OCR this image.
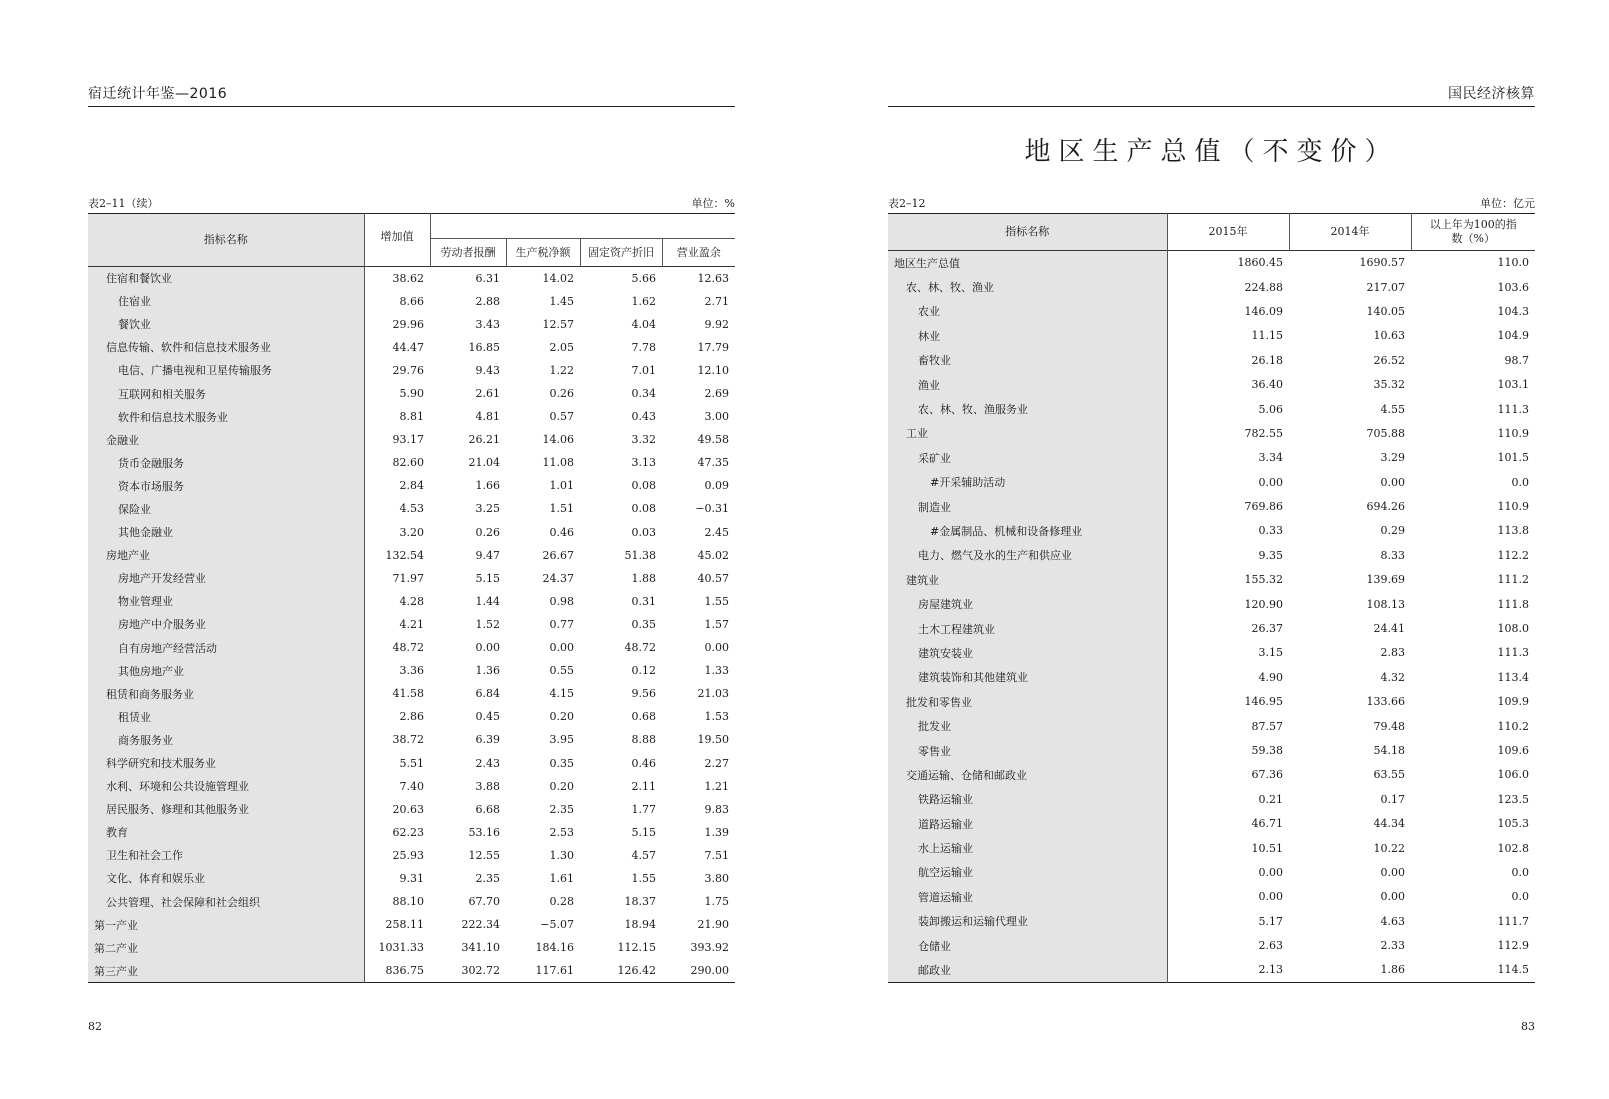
宿迁统计年鉴—2016
表2–11（续）	单位：%
指标名称	增加值				
		劳动者报酬	生产税净额	固定资产折旧	营业盈余
住宿和餐饮业	38.62	6.31	14.02	5.66	12.63
住宿业	8.66	2.88	1.45	1.62	2.71
餐饮业	29.96	3.43	12.57	4.04	9.92
信息传输、软件和信息技术服务业	44.47	16.85	2.05	7.78	17.79
电信、广播电视和卫星传输服务	29.76	9.43	1.22	7.01	12.10
互联网和相关服务	5.90	2.61	0.26	0.34	2.69
软件和信息技术服务业	8.81	4.81	0.57	0.43	3.00
金融业	93.17	26.21	14.06	3.32	49.58
货币金融服务	82.60	21.04	11.08	3.13	47.35
资本市场服务	2.84	1.66	1.01	0.08	0.09
保险业	4.53	3.25	1.51	0.08	−0.31
其他金融业	3.20	0.26	0.46	0.03	2.45
房地产业	132.54	9.47	26.67	51.38	45.02
房地产开发经营业	71.97	5.15	24.37	1.88	40.57
物业管理业	4.28	1.44	0.98	0.31	1.55
房地产中介服务业	4.21	1.52	0.77	0.35	1.57
自有房地产经营活动	48.72	0.00	0.00	48.72	0.00
其他房地产业	3.36	1.36	0.55	0.12	1.33
租赁和商务服务业	41.58	6.84	4.15	9.56	21.03
租赁业	2.86	0.45	0.20	0.68	1.53
商务服务业	38.72	6.39	3.95	8.88	19.50
科学研究和技术服务业	5.51	2.43	0.35	0.46	2.27
水利、环境和公共设施管理业	7.40	3.88	0.20	2.11	1.21
居民服务、修理和其他服务业	20.63	6.68	2.35	1.77	9.83
教育	62.23	53.16	2.53	5.15	1.39
卫生和社会工作	25.93	12.55	1.30	4.57	7.51
文化、体育和娱乐业	9.31	2.35	1.61	1.55	3.80
公共管理、社会保障和社会组织	88.10	67.70	0.28	18.37	1.75
第一产业	258.11	222.34	−5.07	18.94	21.90
第二产业	1031.33	341.10	184.16	112.15	393.92
第三产业	836.75	302.72	117.61	126.42	290.00
82
国民经济核算
地区生产总值（不变价）
表2–12	单位：亿元
指标名称	2015年	2014年	以上年为100的指数（%）
地区生产总值	1860.45	1690.57	110.0
农、林、牧、渔业	224.88	217.07	103.6
农业	146.09	140.05	104.3
林业	11.15	10.63	104.9
畜牧业	26.18	26.52	98.7
渔业	36.40	35.32	103.1
农、林、牧、渔服务业	5.06	4.55	111.3
工业	782.55	705.88	110.9
采矿业	3.34	3.29	101.5
#开采辅助活动	0.00	0.00	0.0
制造业	769.86	694.26	110.9
#金属制品、机械和设备修理业	0.33	0.29	113.8
电力、燃气及水的生产和供应业	9.35	8.33	112.2
建筑业	155.32	139.69	111.2
房屋建筑业	120.90	108.13	111.8
土木工程建筑业	26.37	24.41	108.0
建筑安装业	3.15	2.83	111.3
建筑装饰和其他建筑业	4.90	4.32	113.4
批发和零售业	146.95	133.66	109.9
批发业	87.57	79.48	110.2
零售业	59.38	54.18	109.6
交通运输、仓储和邮政业	67.36	63.55	106.0
铁路运输业	0.21	0.17	123.5
道路运输业	46.71	44.34	105.3
水上运输业	10.51	10.22	102.8
航空运输业	0.00	0.00	0.0
管道运输业	0.00	0.00	0.0
装卸搬运和运输代理业	5.17	4.63	111.7
仓储业	2.63	2.33	112.9
邮政业	2.13	1.86	114.5
83
